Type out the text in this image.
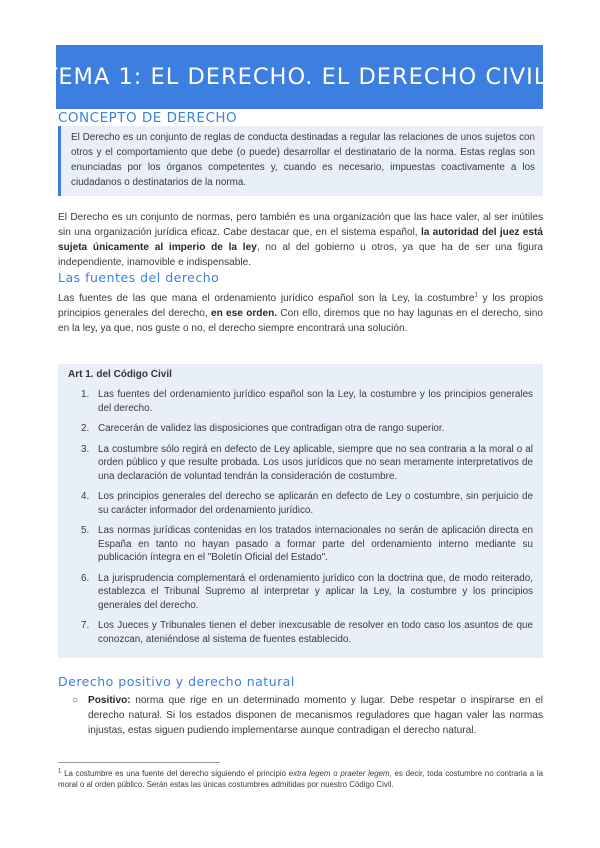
TEMA 1: EL DERECHO. EL DERECHO CIVIL.
CONCEPTO DE DERECHO
El Derecho es un conjunto de reglas de conducta destinadas a regular las relaciones de unos sujetos con otros y el comportamiento que debe (o puede) desarrollar el destinatario de la norma. Estas reglas son enunciadas por los órganos competentes y, cuando es necesario, impuestas coactivamente a los ciudadanos o destinatarios de la norma.

El Derecho es un conjunto de normas, pero también es una organización que las hace valer, al ser inútiles sin una organización jurídica eficaz. Cabe destacar que, en el sistema español, la autoridad del juez está sujeta únicamente al imperio de la ley, no al del gobierno u otros, ya que ha de ser una figura independiente, inamovible e indispensable.

Las fuentes del derecho

Las fuentes de las que mana el ordenamiento jurídico español son la Ley, la costumbre$^1$ y los propios principios generales del derecho, en ese orden. Con ello, diremos que no hay lagunas en el derecho, sino en la ley, ya que, nos guste o no, el derecho siempre encontrará una solución.

Art 1. del Código Civil
1. Las fuentes del ordenamiento jurídico español son la Ley, la costumbre y los principios generales del derecho.
2. Carecerán de validez las disposiciones que contradigan otra de rango superior.
3. La costumbre sólo regirá en defecto de Ley aplicable, siempre que no sea contraria a la moral o al orden público y que resulte probada. Los usos jurídicos que no sean meramente interpretativos de una declaración de voluntad tendrán la consideración de costumbre.
4. Los principios generales del derecho se aplicarán en defecto de Ley o costumbre, sin perjuicio de su carácter informador del ordenamiento jurídico.
5. Las normas jurídicas contenidas en los tratados internacionales no serán de aplicación directa en España en tanto no hayan pasado a formar parte del ordenamiento interno mediante su publicación íntegra en el "Boletín Oficial del Estado".
6. La jurisprudencia complementará el ordenamiento jurídico con la doctrina que, de modo reiterado, establezca el Tribunal Supremo al interpretar y aplicar la Ley, la costumbre y los principios generales del derecho.
7. Los Jueces y Tribunales tienen el deber inexcusable de resolver en todo caso los asuntos de que conozcan, ateniéndose al sistema de fuentes establecido.
Derecho positivo y derecho natural
○ Positivo: norma que rige en un determinado momento y lugar. Debe respetar o inspirarse en el derecho natural. Si los estados disponen de mecanismos reguladores que hagan valer las normas injustas, estas siguen pudiendo implementarse aunque contradigan el derecho natural.

$^1$ La costumbre es una fuente del derecho siguiendo el principio extra legem o praeter legem, es decir, toda costumbre no contraria a la moral o al orden público. Serán estas las únicas costumbres admitidas por nuestro Código Civil.
